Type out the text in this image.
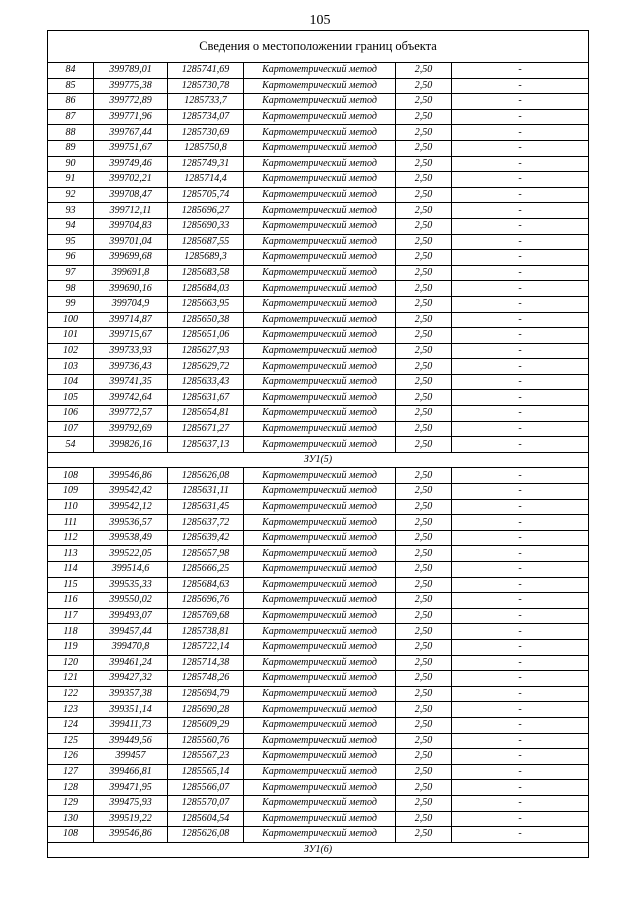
105
Сведения о местоположении границ объекта					
84	399789,01	1285741,69	Картометрический метод	2,50	-
85	399775,38	1285730,78	Картометрический метод	2,50	-
86	399772,89	1285733,7	Картометрический метод	2,50	-
87	399771,96	1285734,07	Картометрический метод	2,50	-
88	399767,44	1285730,69	Картометрический метод	2,50	-
89	399751,67	1285750,8	Картометрический метод	2,50	-
90	399749,46	1285749,31	Картометрический метод	2,50	-
91	399702,21	1285714,4	Картометрический метод	2,50	-
92	399708,47	1285705,74	Картометрический метод	2,50	-
93	399712,11	1285696,27	Картометрический метод	2,50	-
94	399704,83	1285690,33	Картометрический метод	2,50	-
95	399701,04	1285687,55	Картометрический метод	2,50	-
96	399699,68	1285689,3	Картометрический метод	2,50	-
97	399691,8	1285683,58	Картометрический метод	2,50	-
98	399690,16	1285684,03	Картометрический метод	2,50	-
99	399704,9	1285663,95	Картометрический метод	2,50	-
100	399714,87	1285650,38	Картометрический метод	2,50	-
101	399715,67	1285651,06	Картометрический метод	2,50	-
102	399733,93	1285627,93	Картометрический метод	2,50	-
103	399736,43	1285629,72	Картометрический метод	2,50	-
104	399741,35	1285633,43	Картометрический метод	2,50	-
105	399742,64	1285631,67	Картометрический метод	2,50	-
106	399772,57	1285654,81	Картометрический метод	2,50	-
107	399792,69	1285671,27	Картометрический метод	2,50	-
54	399826,16	1285637,13	Картометрический метод	2,50	-
ЗУ1(5)					
108	399546,86	1285626,08	Картометрический метод	2,50	-
109	399542,42	1285631,11	Картометрический метод	2,50	-
110	399542,12	1285631,45	Картометрический метод	2,50	-
111	399536,57	1285637,72	Картометрический метод	2,50	-
112	399538,49	1285639,42	Картометрический метод	2,50	-
113	399522,05	1285657,98	Картометрический метод	2,50	-
114	399514,6	1285666,25	Картометрический метод	2,50	-
115	399535,33	1285684,63	Картометрический метод	2,50	-
116	399550,02	1285696,76	Картометрический метод	2,50	-
117	399493,07	1285769,68	Картометрический метод	2,50	-
118	399457,44	1285738,81	Картометрический метод	2,50	-
119	399470,8	1285722,14	Картометрический метод	2,50	-
120	399461,24	1285714,38	Картометрический метод	2,50	-
121	399427,32	1285748,26	Картометрический метод	2,50	-
122	399357,38	1285694,79	Картометрический метод	2,50	-
123	399351,14	1285690,28	Картометрический метод	2,50	-
124	399411,73	1285609,29	Картометрический метод	2,50	-
125	399449,56	1285560,76	Картометрический метод	2,50	-
126	399457	1285567,23	Картометрический метод	2,50	-
127	399466,81	1285565,14	Картометрический метод	2,50	-
128	399471,95	1285566,07	Картометрический метод	2,50	-
129	399475,93	1285570,07	Картометрический метод	2,50	-
130	399519,22	1285604,54	Картометрический метод	2,50	-
108	399546,86	1285626,08	Картометрический метод	2,50	-
ЗУ1(6)					
